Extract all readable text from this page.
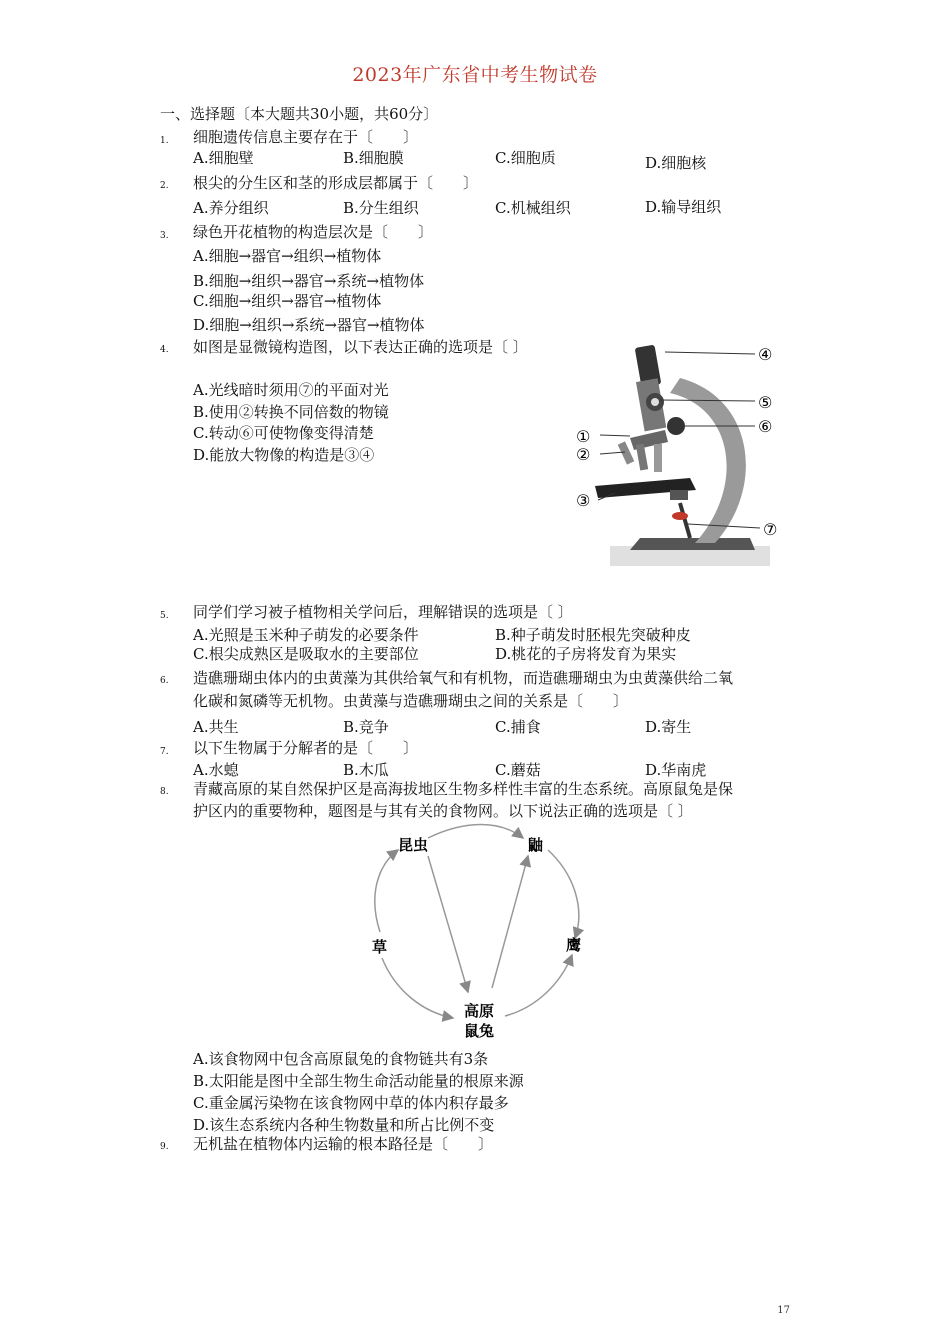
2023年广东省中考生物试卷
一、选择题〔本大题共30小题，共60分〕
1. 细胞遗传信息主要存在于〔　　〕
A.细胞壁	B.细胞膜	C.细胞质	D.细胞核
2. 根尖的分生区和茎的形成层都属于〔　　〕
A.养分组织	B.分生组织	C.机械组织	D.输导组织
3. 绿色开花植物的构造层次是〔　　〕
A.细胞→器官→组织→植物体
B.细胞→组织→器官→系统→植物体
C.细胞→组织→器官→植物体
D.细胞→组织→系统→器官→植物体
4. 如图是显微镜构造图，以下表达正确的选项是〔 〕
A.光线暗时须用⑦的平面对光
B.使用②转换不同倍数的物镜
C.转动⑥可使物像变得清楚
D.能放大物像的构造是③④
①
②
③
④
⑤
⑥
⑦
5. 同学们学习被子植物相关学问后，理解错误的选项是〔 〕
A.光照是玉米种子萌发的必要条件	B.种子萌发时胚根先突破种皮
C.根尖成熟区是吸取水的主要部位	D.桃花的子房将发育为果实
6. 造礁珊瑚虫体内的虫黄藻为其供给氧气和有机物，而造礁珊瑚虫为虫黄藻供给二氧
化碳和氮磷等无机物。虫黄藻与造礁珊瑚虫之间的关系是〔　　〕
A.共生	B.竞争	C.捕食	D.寄生
7. 以下生物属于分解者的是〔　　〕
A.水螅	B.木瓜	C.蘑菇	D.华南虎
8. 青藏高原的某自然保护区是高海拔地区生物多样性丰富的生态系统。高原鼠兔是保
护区内的重要物种，题图是与其有关的食物网。以下说法正确的选项是〔 〕
昆虫	鼬
草	鹰
高原
鼠兔
A.该食物网中包含高原鼠兔的食物链共有3条
B.太阳能是图中全部生物生命活动能量的根原来源
C.重金属污染物在该食物网中草的体内积存最多
D.该生态系统内各种生物数量和所占比例不变
9. 无机盐在植物体内运输的根本路径是〔　　〕
17
